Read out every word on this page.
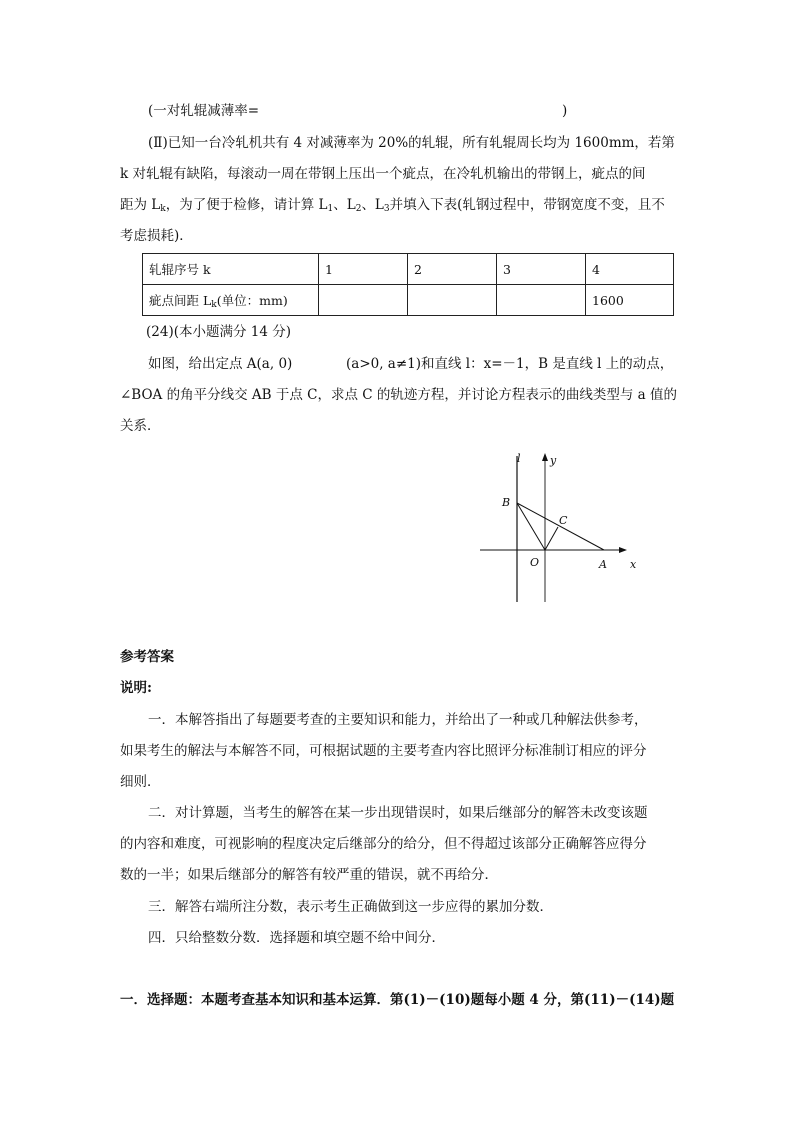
(一对轧辊减薄率=	)
(Ⅱ)已知一台冷轧机共有 4 对减薄率为 20%的轧辊，所有轧辊周长均为 1600mm，若第
k 对轧辊有缺陷，每滚动一周在带钢上压出一个疵点，在冷轧机输出的带钢上，疵点的间
距为 $L_k$，为了便于检修，请计算 $L_1$、$L_2$、$L_3$并填入下表(轧钢过程中，带钢宽度不变，且不
考虑损耗)．
轧辊序号 k	1	2	3	4
疵点间距 $L_k$(单位：mm)				1600
(24)(本小题满分 14 分)
如图，给出定点 A(a, 0)	(a>0, a≠1)和直线 l：x=－1，B 是直线 l 上的动点，
∠BOA 的角平分线交 AB 于点 C，求点 C 的轨迹方程，并讨论方程表示的曲线类型与 a 值的
关系．
l	y
B
C
O	A x
参考答案
说明:
一．本解答指出了每题要考查的主要知识和能力，并给出了一种或几种解法供参考，
如果考生的解法与本解答不同，可根据试题的主要考查内容比照评分标准制订相应的评分
细则．
二．对计算题，当考生的解答在某一步出现错误时，如果后继部分的解答未改变该题
的内容和难度，可视影响的程度决定后继部分的给分，但不得超过该部分正确解答应得分
数的一半；如果后继部分的解答有较严重的错误，就不再给分．
三．解答右端所注分数，表示考生正确做到这一步应得的累加分数．
四．只给整数分数．选择题和填空题不给中间分．
一．选择题：本题考查基本知识和基本运算．第(1)－(10)题每小题 4 分，第(11)－(14)题
